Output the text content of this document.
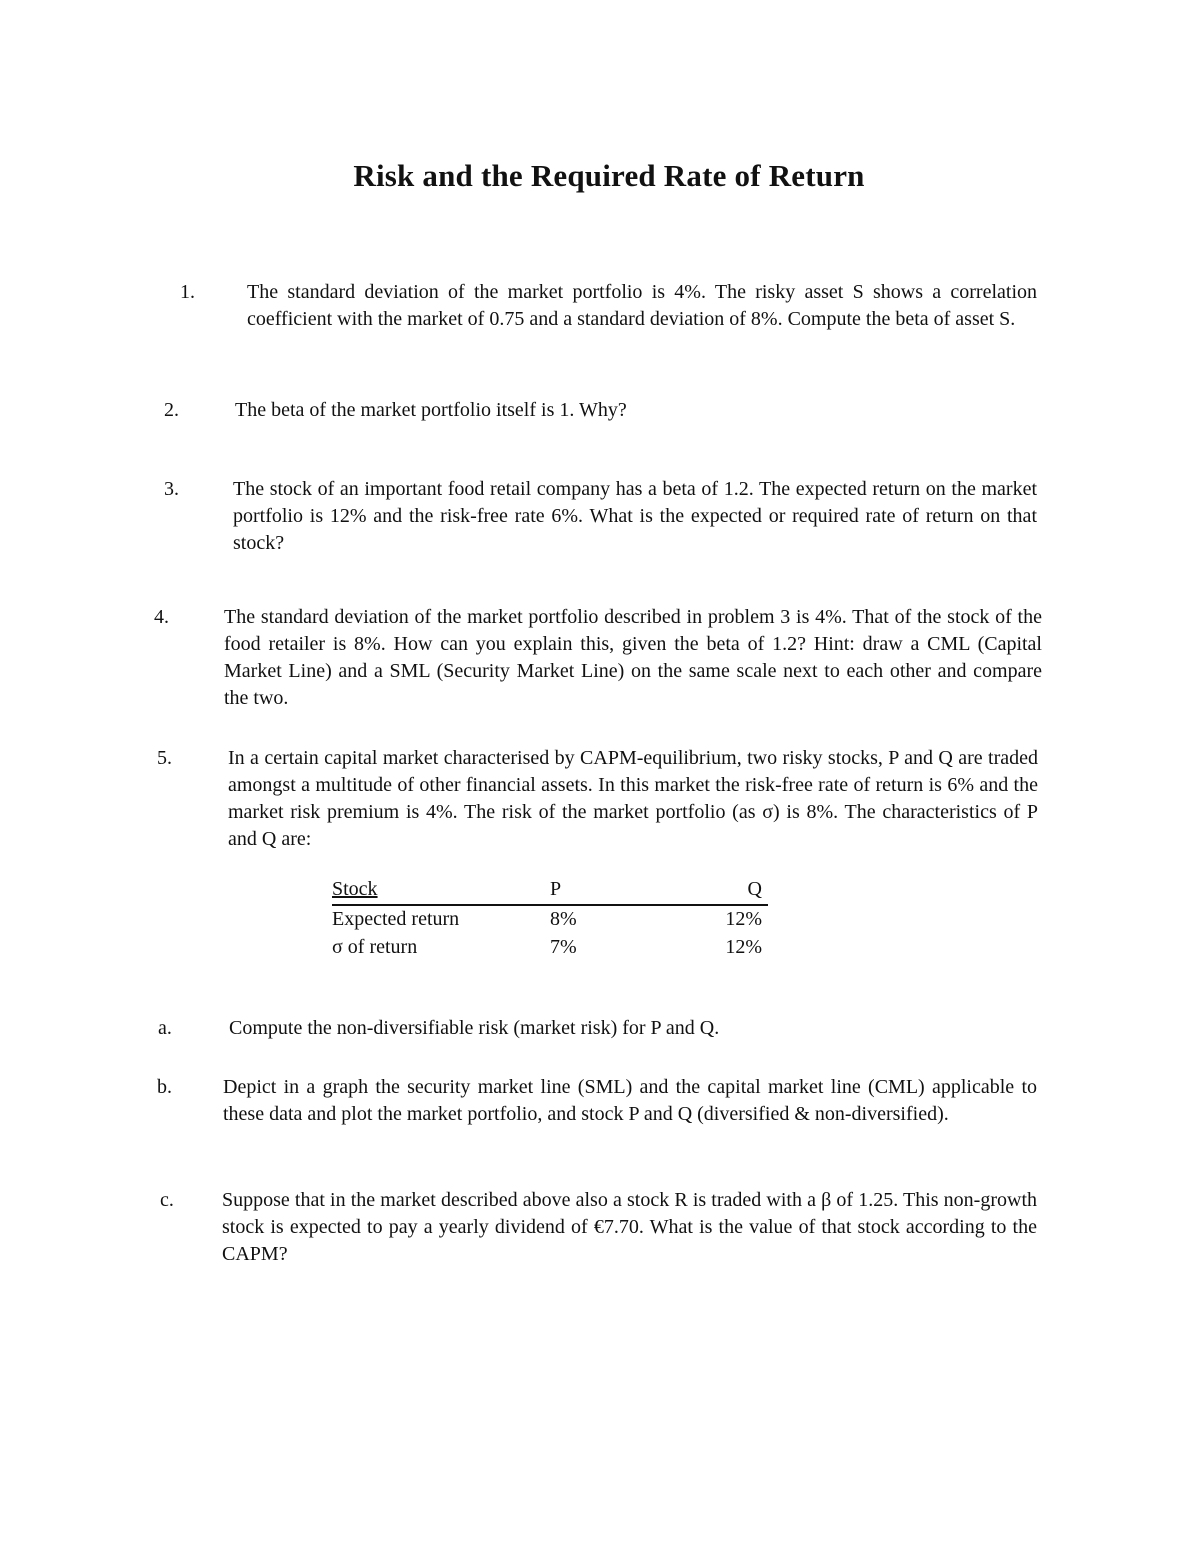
Risk and the Required Rate of Return
1.	The standard deviation of the market portfolio is 4%. The risky asset S shows a correlation coefficient with the market of 0.75 and a standard deviation of 8%. Compute the beta of asset S.
2.	The beta of the market portfolio itself is 1. Why?
3.	The stock of an important food retail company has a beta of 1.2. The expected return on the market portfolio is 12% and the risk-free rate 6%. What is the expected or required rate of return on that stock?
4.	The standard deviation of the market portfolio described in problem 3 is 4%. That of the stock of the food retailer is 8%. How can you explain this, given the beta of 1.2? Hint: draw a CML (Capital Market Line) and a SML (Security Market Line) on the same scale next to each other and compare the two.
5.	In a certain capital market characterised by CAPM-equilibrium, two risky stocks, P and Q are traded amongst a multitude of other financial assets. In this market the risk-free rate of return is 6% and the market risk premium is 4%. The risk of the market portfolio (as σ) is 8%. The characteristics of P and Q are:
Stock	P	Q
Expected return	8%	12%
σ of return	7%	12%
a.	Compute the non-diversifiable risk (market risk) for P and Q.
b.	Depict in a graph the security market line (SML) and the capital market line (CML) applicable to these data and plot the market portfolio, and stock P and Q (diversified & non-diversified).
c. Suppose that in the market described above also a stock R is traded with a β of 1.25. This non-growth stock is expected to pay a yearly dividend of €7.70. What is the value of that stock according to the CAPM?
